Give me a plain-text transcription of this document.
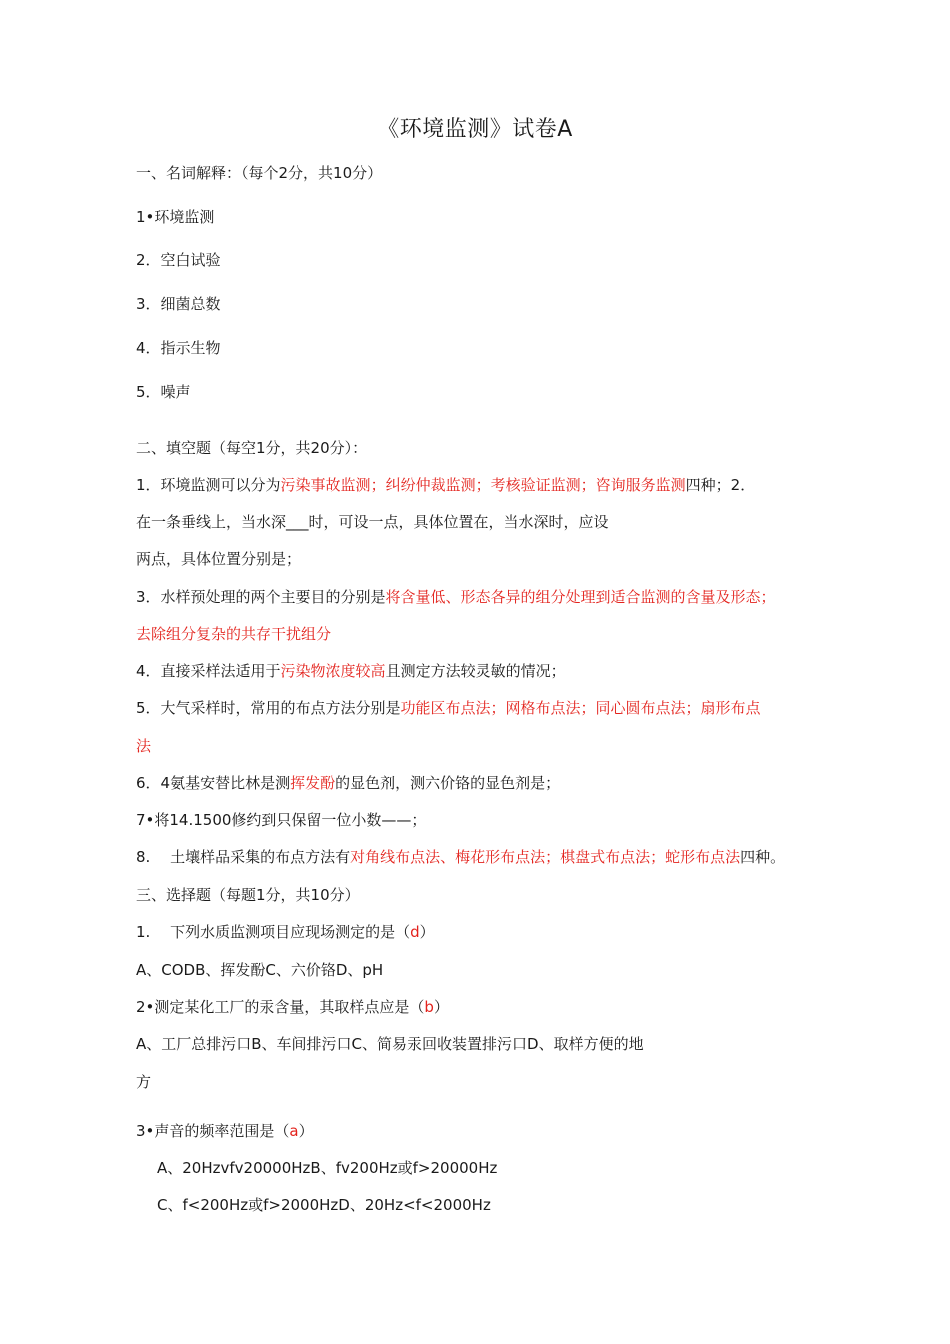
《环境监测》试卷A
一、名词解释：（每个2分，共10分）
1•环境监测
2．空白试验
3．细菌总数
4．指示生物
5．噪声
二、填空题（每空1分，共20分）：
1．环境监测可以分为污染事故监测；纠纷仲裁监测；考核验证监测；咨询服务监测四种；2．
在一条垂线上，当水深___时，可设一点，具体位置在，当水深时，应设
两点，具体位置分别是；
3．水样预处理的两个主要目的分别是将含量低、形态各异的组分处理到适合监测的含量及形态；
去除组分复杂的共存干扰组分
4．直接采样法适用于污染物浓度较高且测定方法较灵敏的情况；
5．大气采样时，常用的布点方法分别是功能区布点法；网格布点法；同心圆布点法；扇形布点
法
6．4氨基安替比林是测挥发酚的显色剂，测六价铬的显色剂是；
7•将14.1500修约到只保留一位小数——；
8.　 土壤样品采集的布点方法有对角线布点法、梅花形布点法；棋盘式布点法；蛇形布点法四种。
三、选择题（每题1分，共10分）
1.　 下列水质监测项目应现场测定的是（d）
A、CODB、挥发酚C、六价铬D、pH
2•测定某化工厂的汞含量，其取样点应是（b）
A、工厂总排污口B、车间排污口C、简易汞回收装置排污口D、取样方便的地
方
3•声音的频率范围是（a）
A、20Hzvfv20000HzB、fv200Hz或f>20000Hz
C、f<200Hz或f>2000HzD、20Hz<f<2000Hz
